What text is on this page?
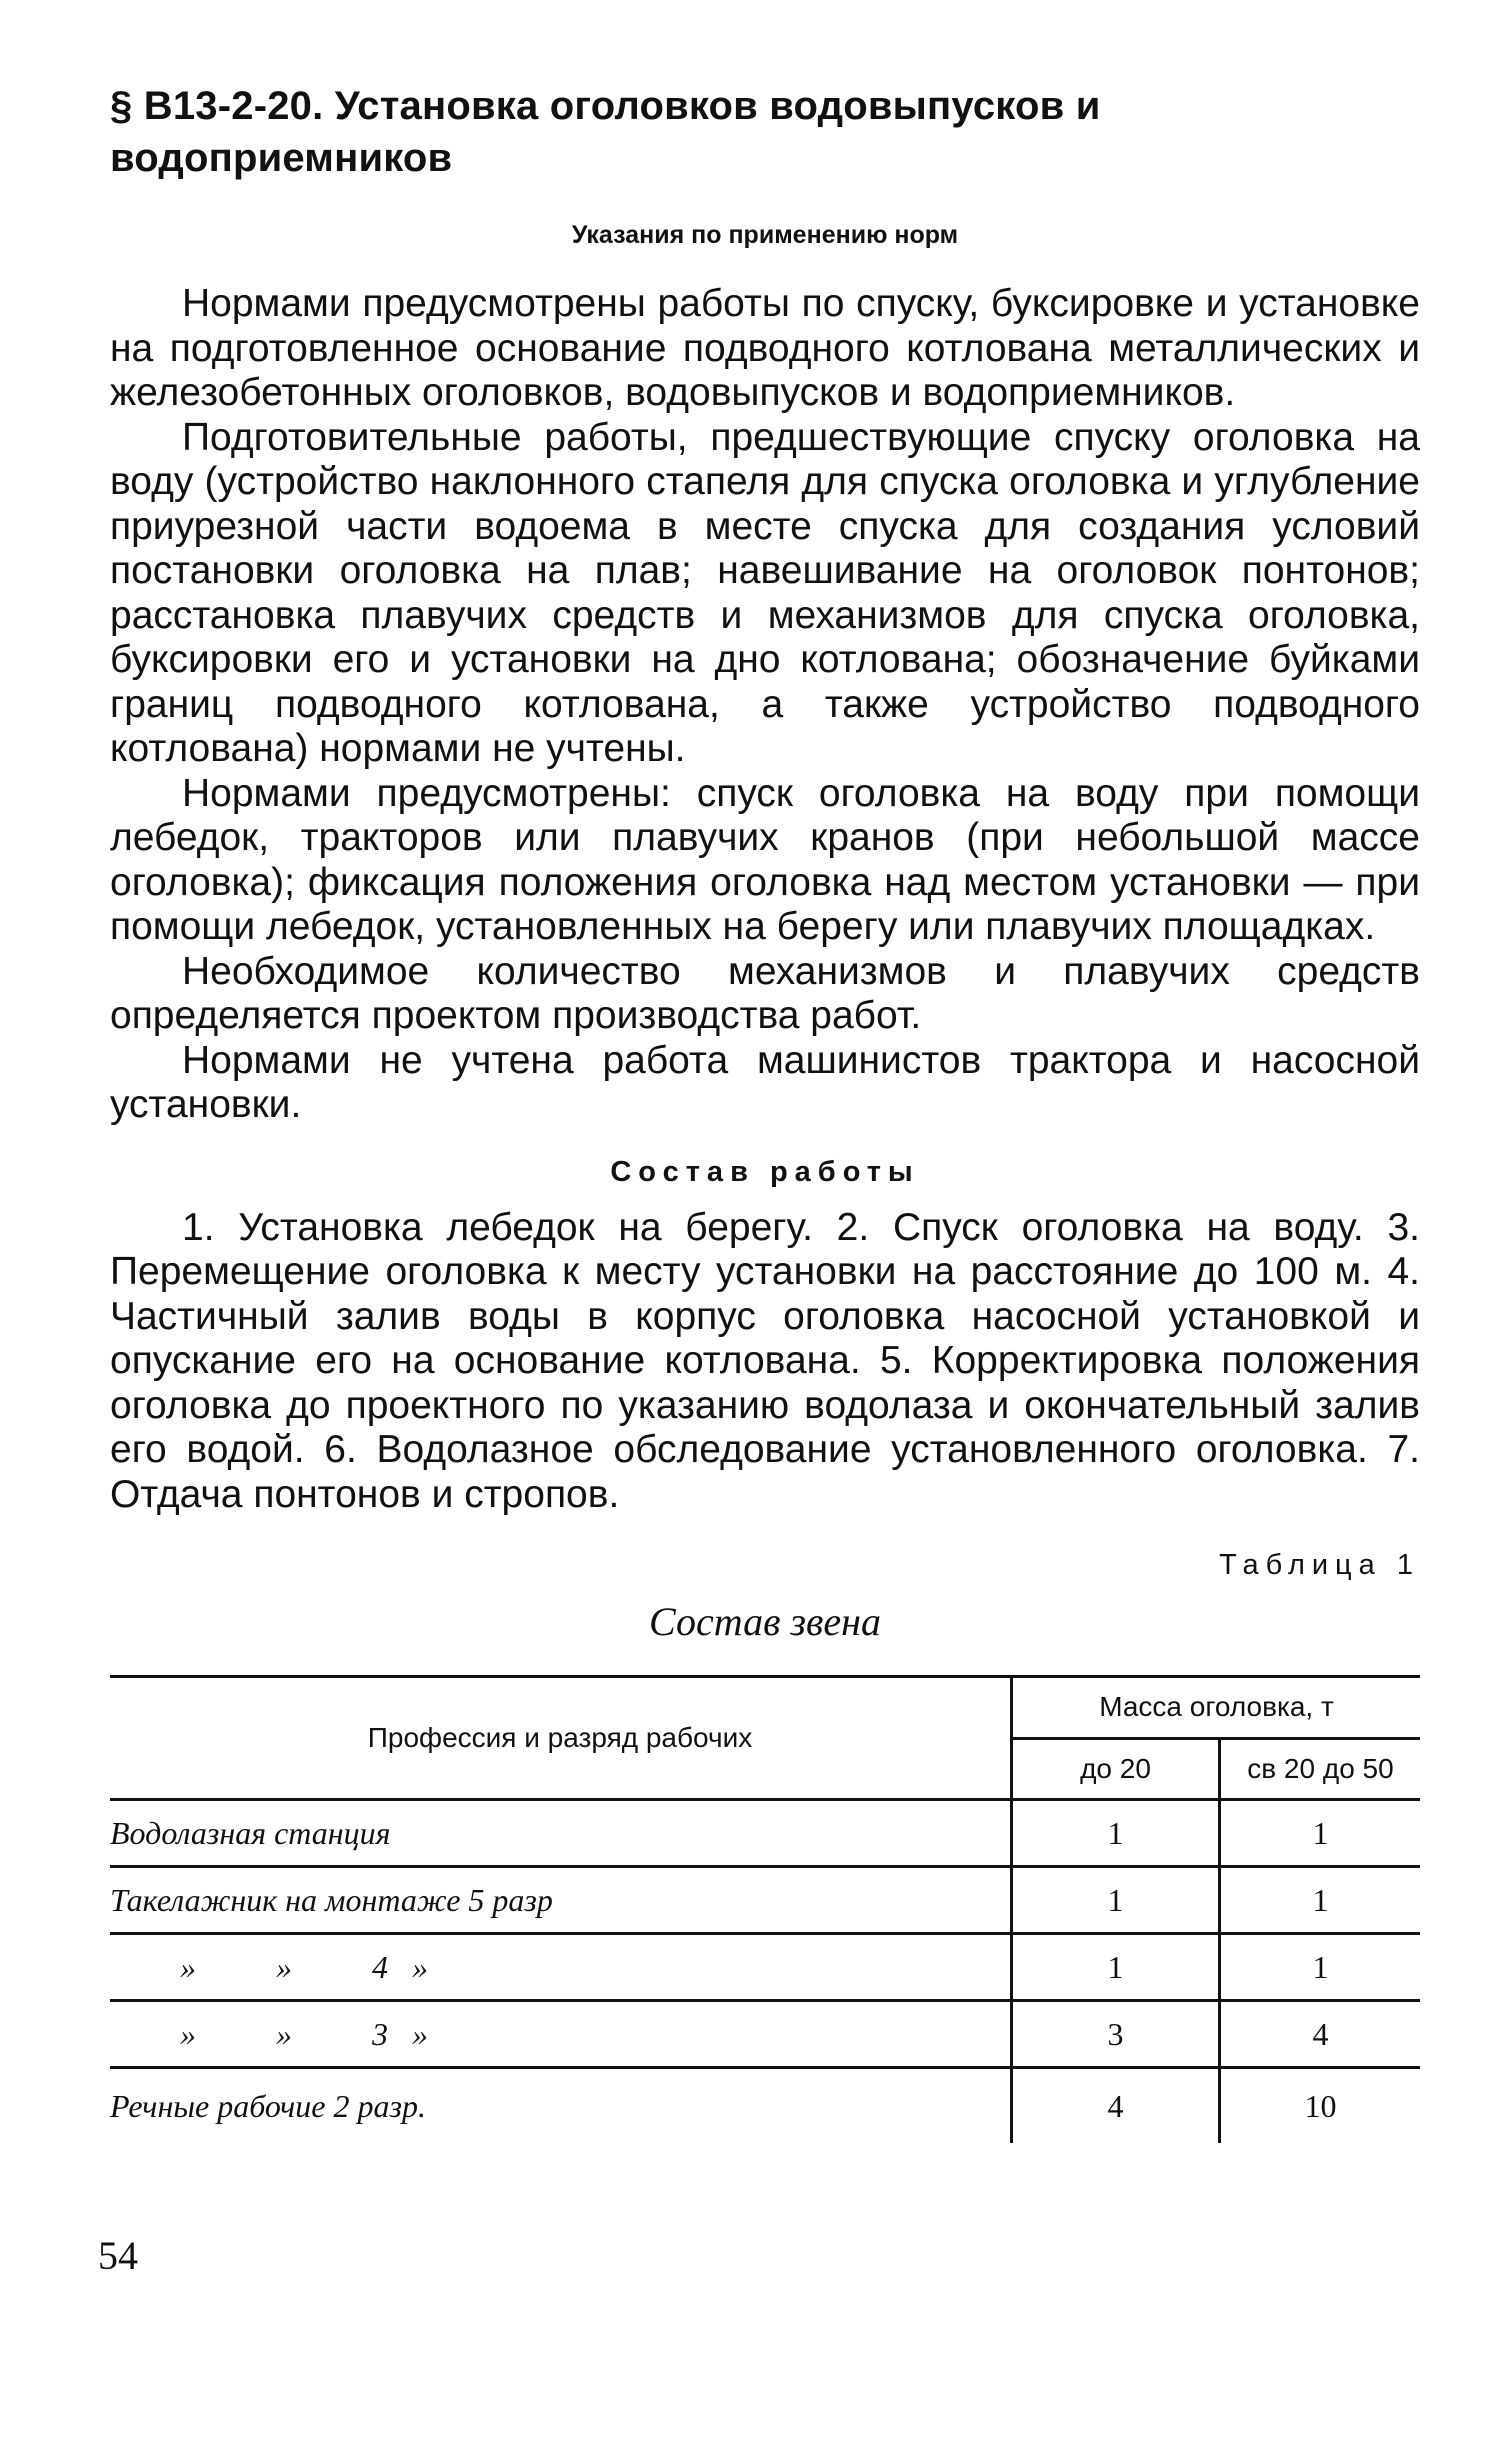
§ В13-2-20. Установка оголовков водовыпусков и водоприемников
Указания по применению норм

Нормами предусмотрены работы по спуску, буксировке и установке на подготовленное основание подводного котлована металлических и железобетонных оголовков, водовыпусков и водоприемников.

Подготовительные работы, предшествующие спуску оголовка на воду (устройство наклонного стапеля для спуска оголовка и углубление приурезной части водоема в месте спуска для создания условий постановки оголовка на плав; навешивание на оголовок понтонов; расстановка плавучих средств и механизмов для спуска оголовка, буксировки его и установки на дно котлована; обозначение буйками границ подводного котлована, а также устройство подводного котлована) нормами не учтены.

Нормами предусмотрены: спуск оголовка на воду при помощи лебедок, тракторов или плавучих кранов (при небольшой массе оголовка); фиксация положения оголовка над местом установки — при помощи лебедок, установленных на берегу или плавучих площадках.

Необходимое количество механизмов и плавучих средств определяется проектом производства работ.

Нормами не учтена работа машинистов трактора и насосной установки.

Состав работы

1. Установка лебедок на берегу. 2. Спуск оголовка на воду. 3. Перемещение оголовка к месту установки на расстояние до 100 м. 4. Частичный залив воды в корпус оголовка насосной установкой и опускание его на основание котлована. 5. Корректировка положения оголовка до проектного по указанию водолаза и окончательный залив его водой. 6. Водолазное обследование установленного оголовка. 7. Отдача понтонов и стропов.

Таблица 1
Состав звена
Профессия и разряд рабочих	Масса оголовка, т	
	до 20	св 20 до 50
Водолазная станция	1	1
Такелажник на монтаже 5 разр	1	1
»          »          4   »	1	1
»          »          3   »	3	4
Речные рабочие 2 разр.	4	10
54
